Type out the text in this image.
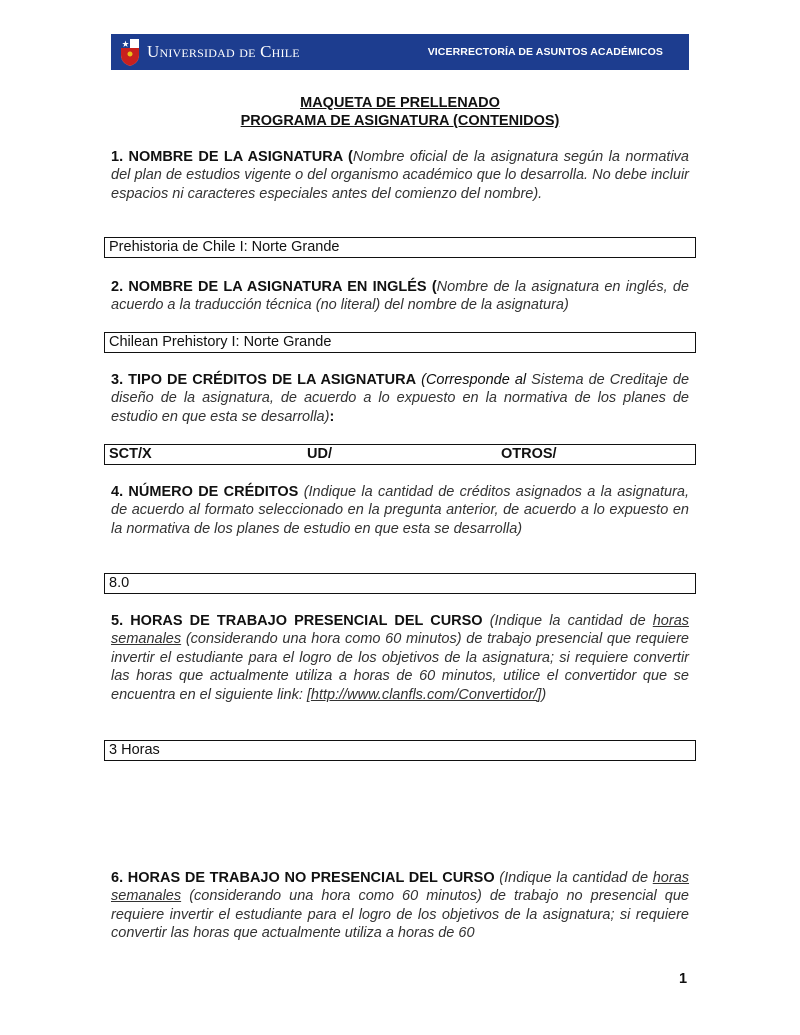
Universidad de Chile	VICERRECTORÍA DE ASUNTOS ACADÉMICOS
MAQUETA DE PRELLENADO
PROGRAMA DE ASIGNATURA (CONTENIDOS)

1. NOMBRE DE LA ASIGNATURA (Nombre oficial de la asignatura según la normativa del plan de estudios vigente o del organismo académico que lo desarrolla. No debe incluir espacios ni caracteres especiales antes del comienzo del nombre).

Prehistoria de Chile I: Norte Grande

2. NOMBRE DE LA ASIGNATURA EN INGLÉS (Nombre de la asignatura en inglés, de acuerdo a la traducción técnica (no literal) del nombre de la asignatura)

Chilean Prehistory I: Norte Grande

3. TIPO DE CRÉDITOS DE LA ASIGNATURA (Corresponde al Sistema de Creditaje de diseño de la asignatura, de acuerdo a lo expuesto en la normativa de los planes de estudio en que esta se desarrolla):

SCT/X	UD/	OTROS/

4. NÚMERO DE CRÉDITOS (Indique la cantidad de créditos asignados a la asignatura, de acuerdo al formato seleccionado en la pregunta anterior, de acuerdo a lo expuesto en la normativa de los planes de estudio en que esta se desarrolla)

8.0

5. HORAS DE TRABAJO PRESENCIAL DEL CURSO (Indique la cantidad de horas semanales (considerando una hora como 60 minutos) de trabajo presencial que requiere invertir el estudiante para el logro de los objetivos de la asignatura; si requiere convertir las horas que actualmente utiliza a horas de 60 minutos, utilice el convertidor que se encuentra en el siguiente link: [http://www.clanfls.com/Convertidor/])

3 Horas

6. HORAS DE TRABAJO NO PRESENCIAL DEL CURSO (Indique la cantidad de horas semanales (considerando una hora como 60 minutos) de trabajo no presencial que requiere invertir el estudiante para el logro de los objetivos de la asignatura; si requiere convertir las horas que actualmente utiliza a horas de 60

1
